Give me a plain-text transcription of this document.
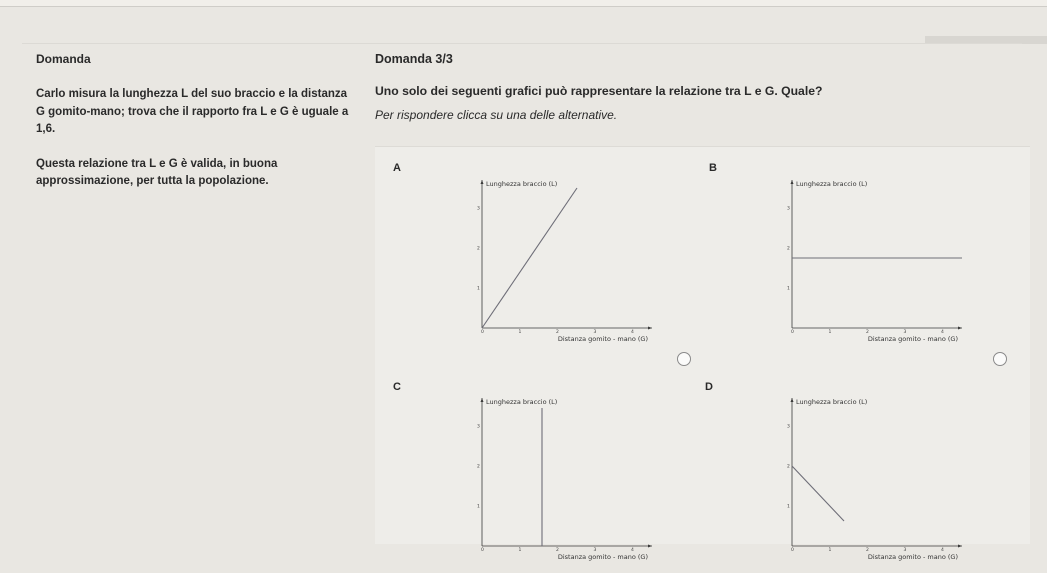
Domanda
Carlo misura la lunghezza L del suo braccio e la distanza G gomito-mano; trova che il rapporto fra L e G è uguale a 1,6.
Questa relazione tra L e G è valida, in buona approssimazione, per tutta la popolazione.
Domanda 3/3
Uno solo dei seguenti grafici può rappresentare la relazione tra L e G. Quale?
Per rispondere clicca su una delle alternative.
A
Lunghezza braccio (L)
Distanza gomito - mano (G)
0	1	2	3	4
1
2
3
B
Lunghezza braccio (L)
Distanza gomito - mano (G)
0	1	2	3	4
1
2
3
C
Lunghezza braccio (L)
Distanza gomito - mano (G)
0	1	2	3	4
1
2
3
D
Lunghezza braccio (L)
Distanza gomito - mano (G)
0	1	2	3	4
1
2
3
